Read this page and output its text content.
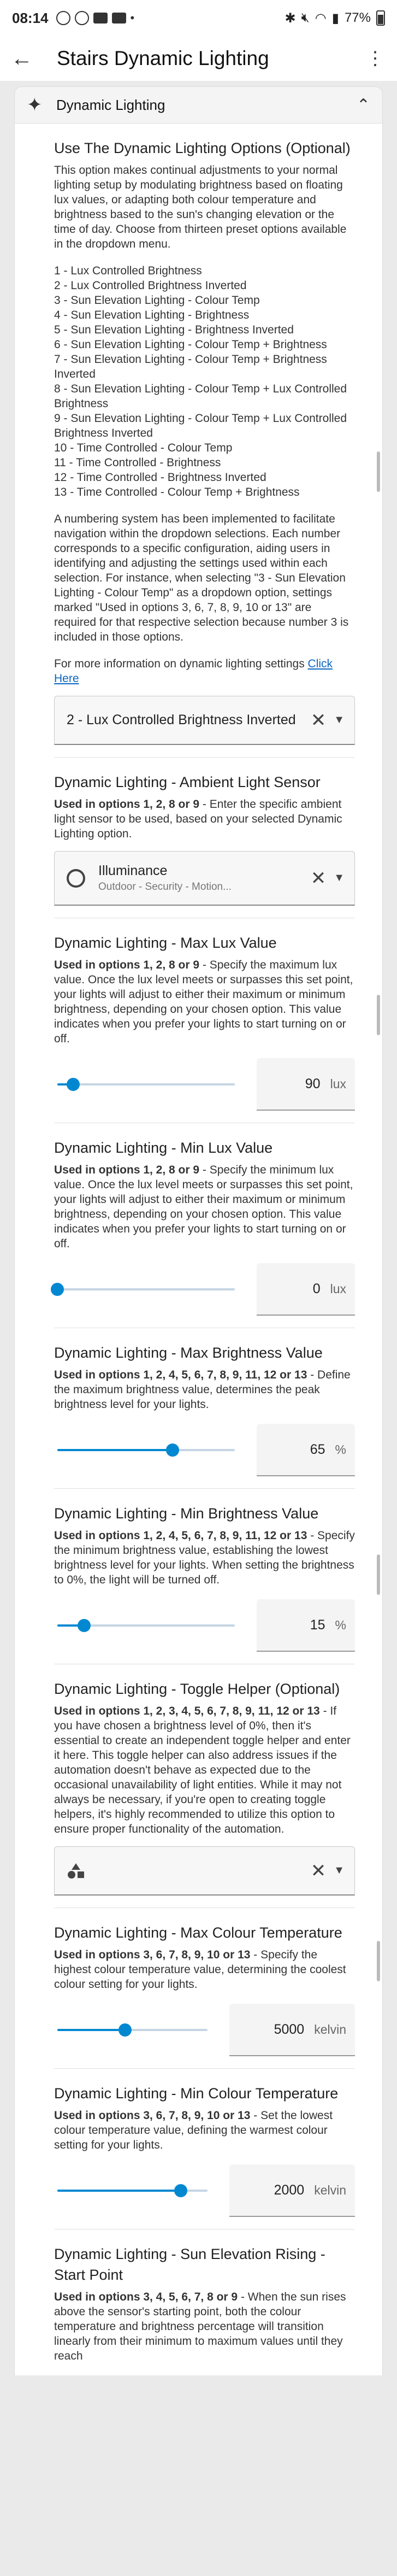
08:14	•	✱ 🔇︎ ◠ ▮ 77%
←	Stairs Dynamic Lighting	⋮
✦ Dynamic Lighting	⌃
Use The Dynamic Lighting Options (Optional)

This option makes continual adjustments to your normal lighting setup by modulating brightness based on floating lux values, or adapting both colour temperature and brightness based to the sun's changing elevation or the time of day. Choose from thirteen preset options available in the dropdown menu.

1 - Lux Controlled Brightness
2 - Lux Controlled Brightness Inverted
3 - Sun Elevation Lighting - Colour Temp
4 - Sun Elevation Lighting - Brightness
5 - Sun Elevation Lighting - Brightness Inverted
6 - Sun Elevation Lighting - Colour Temp + Brightness
7 - Sun Elevation Lighting - Colour Temp + Brightness Inverted
8 - Sun Elevation Lighting - Colour Temp + Lux Controlled Brightness
9 - Sun Elevation Lighting - Colour Temp + Lux Controlled Brightness Inverted
10 - Time Controlled - Colour Temp
11 - Time Controlled - Brightness
12 - Time Controlled - Brightness Inverted
13 - Time Controlled - Colour Temp + Brightness

A numbering system has been implemented to facilitate navigation within the dropdown selections. Each number corresponds to a specific configuration, aiding users in identifying and adjusting the settings used within each selection. For instance, when selecting "3 - Sun Elevation Lighting - Colour Temp" as a dropdown option, settings marked "Used in options 3, 6, 7, 8, 9, 10 or 13" are required for that respective selection because number 3 is included in those options.

For more information on dynamic lighting settings Click Here

2 - Lux Controlled Brightness Inverted ✕ ▼
Dynamic Lighting - Ambient Light Sensor
Used in options 1, 2, 8 or 9 - Enter the specific ambient light sensor to be used, based on your selected Dynamic Lighting option.
Illuminance
Outdoor - Security - Motion...	✕ ▼
Dynamic Lighting - Max Lux Value
Used in options 1, 2, 8 or 9 - Specify the maximum lux value. Once the lux level meets or surpasses this set point, your lights will adjust to either their maximum or minimum brightness, depending on your chosen option. This value indicates when you prefer your lights to start turning on or off.
90 lux
Dynamic Lighting - Min Lux Value
Used in options 1, 2, 8 or 9 - Specify the minimum lux value. Once the lux level meets or surpasses this set point, your lights will adjust to either their maximum or minimum brightness, depending on your chosen option. This value indicates when you prefer your lights to start turning on or off.
0 lux
Dynamic Lighting - Max Brightness Value
Used in options 1, 2, 4, 5, 6, 7, 8, 9, 11, 12 or 13 - Define the maximum brightness value, determines the peak brightness level for your lights.
65 %
Dynamic Lighting - Min Brightness Value
Used in options 1, 2, 4, 5, 6, 7, 8, 9, 11, 12 or 13 - Specify the minimum brightness value, establishing the lowest brightness level for your lights. When setting the brightness to 0%, the light will be turned off.
15 %
Dynamic Lighting - Toggle Helper (Optional)
Used in options 1, 2, 3, 4, 5, 6, 7, 8, 9, 11, 12 or 13 - If you have chosen a brightness level of 0%, then it's essential to create an independent toggle helper and enter it here. This toggle helper can also address issues if the automation doesn't behave as expected due to the occasional unavailability of light entities. While it may not always be necessary, if you're open to creating toggle helpers, it's highly recommended to utilize this option to ensure proper functionality of the automation.
✕ ▼
Dynamic Lighting - Max Colour Temperature
Used in options 3, 6, 7, 8, 9, 10 or 13 - Specify the highest colour temperature value, determining the coolest colour setting for your lights.
5000 kelvin
Dynamic Lighting - Min Colour Temperature
Used in options 3, 6, 7, 8, 9, 10 or 13 - Set the lowest colour temperature value, defining the warmest colour setting for your lights.
2000 kelvin
Dynamic Lighting - Sun Elevation Rising - Start Point
Used in options 3, 4, 5, 6, 7, 8 or 9 - When the sun rises above the sensor's starting point, both the colour temperature and brightness percentage will transition linearly from their minimum to maximum values until they reach
